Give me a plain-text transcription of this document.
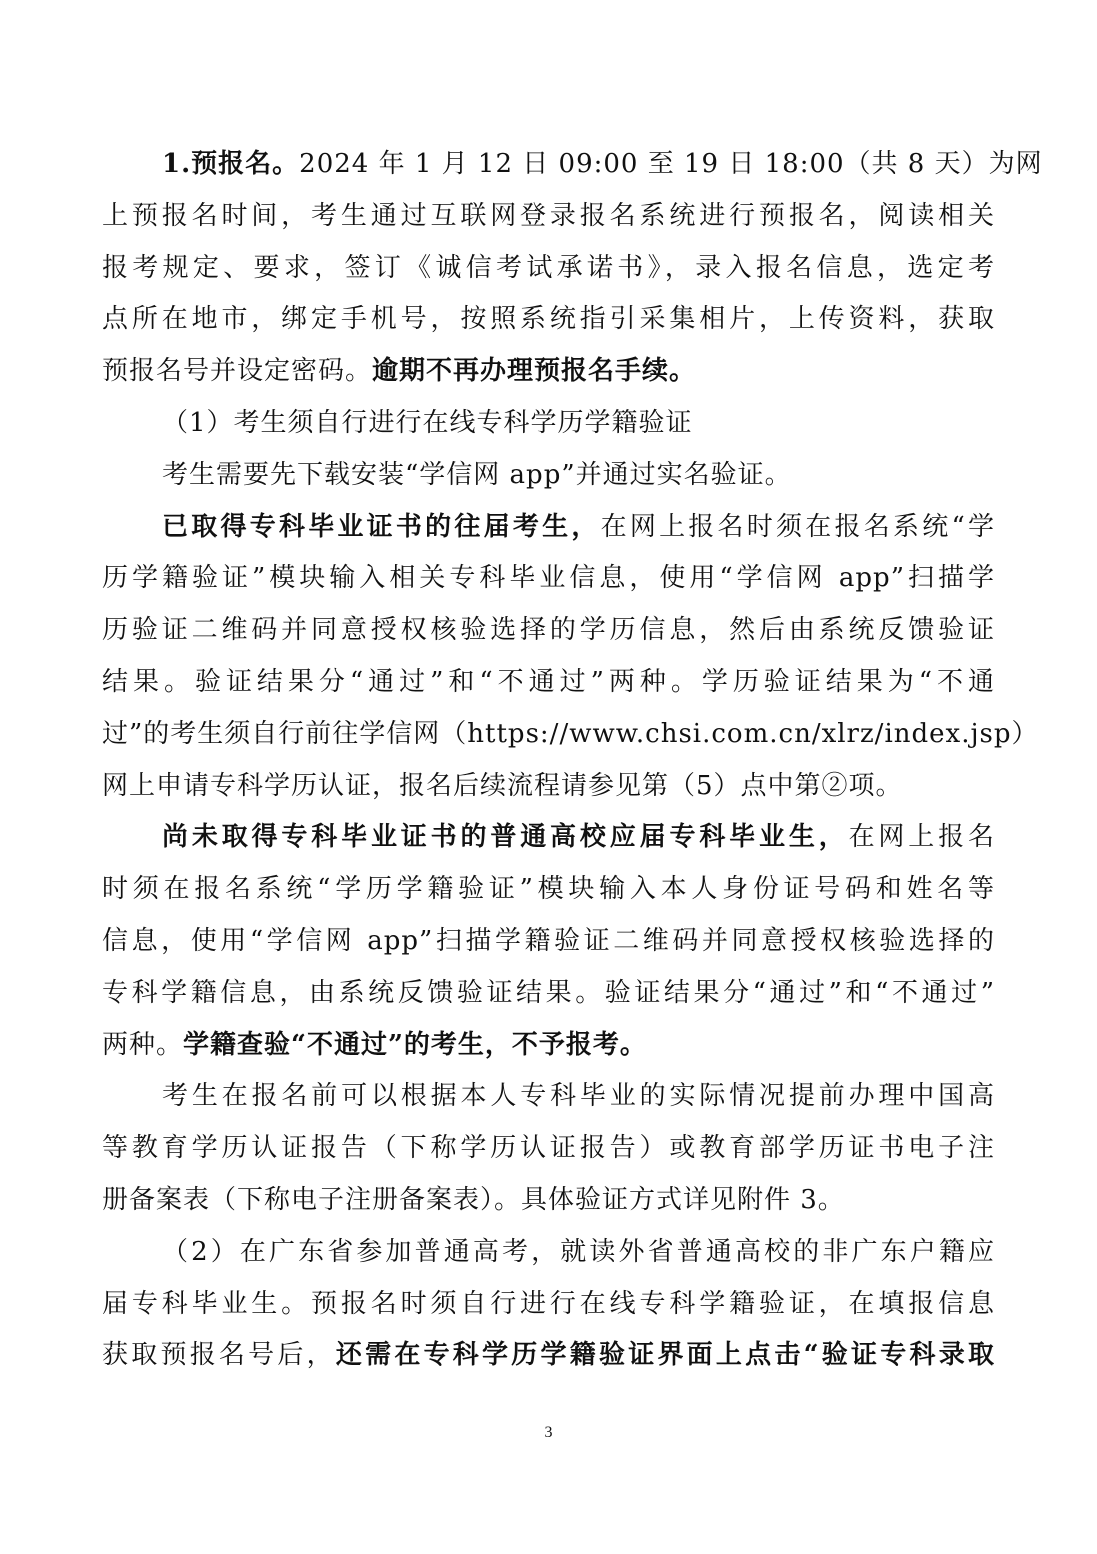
1.预报名。2024 年 1 月 12 日 09:00 至 19 日 18:00（共 8 天）为网
上预报名时间，考生通过互联网登录报名系统进行预报名，阅读相关
报考规定、要求，签订《诚信考试承诺书》，录入报名信息，选定考
点所在地市，绑定手机号，按照系统指引采集相片，上传资料，获取
预报名号并设定密码。逾期不再办理预报名手续。
（1）考生须自行进行在线专科学历学籍验证
考生需要先下载安装“学信网 app”并通过实名验证。
已取得专科毕业证书的往届考生，在网上报名时须在报名系统“学
历学籍验证”模块输入相关专科毕业信息，使用“学信网 app”扫描学
历验证二维码并同意授权核验选择的学历信息，然后由系统反馈验证
结果。验证结果分“通过”和“不通过”两种。学历验证结果为“不通
过”的考生须自行前往学信网（https://www.chsi.com.cn/xlrz/index.jsp）
网上申请专科学历认证，报名后续流程请参见第（5）点中第②项。
尚未取得专科毕业证书的普通高校应届专科毕业生，在网上报名
时须在报名系统“学历学籍验证”模块输入本人身份证号码和姓名等
信息，使用“学信网 app”扫描学籍验证二维码并同意授权核验选择的
专科学籍信息，由系统反馈验证结果。验证结果分“通过”和“不通过”
两种。学籍查验“不通过”的考生，不予报考。
考生在报名前可以根据本人专科毕业的实际情况提前办理中国高
等教育学历认证报告（下称学历认证报告）或教育部学历证书电子注
册备案表（下称电子注册备案表）。具体验证方式详见附件 3。
（2）在广东省参加普通高考，就读外省普通高校的非广东户籍应
届专科毕业生。预报名时须自行进行在线专科学籍验证，在填报信息
获取预报名号后，还需在专科学历学籍验证界面上点击“验证专科录取
3
